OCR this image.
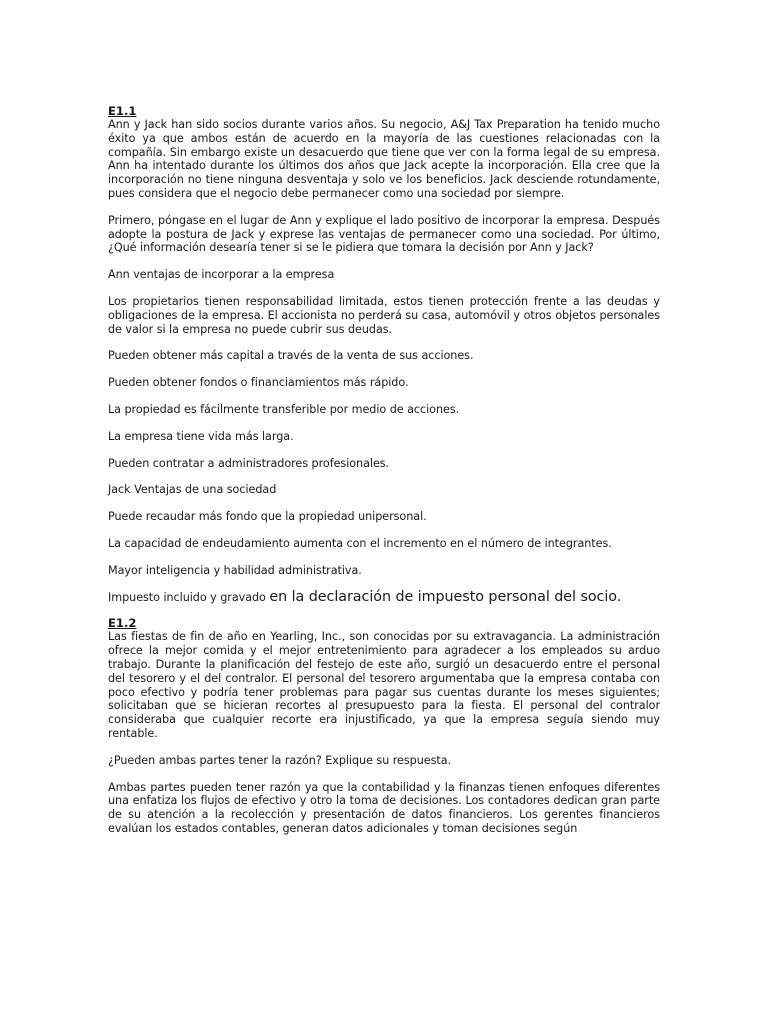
E1.1

Ann y Jack han sido socios durante varios años. Su negocio, A&J Tax Preparation ha tenido mucho éxito ya que ambos están de acuerdo en la mayoría de las cuestiones relacionadas con la compañía. Sin embargo existe un desacuerdo que tiene que ver con la forma legal de su empresa. Ann ha intentado durante los últimos dos años que Jack acepte la incorporación. Ella cree que la incorporación no tiene ninguna desventaja y solo ve los beneficios. Jack desciende rotundamente, pues considera que el negocio debe permanecer como una sociedad por siempre.

Primero, póngase en el lugar de Ann y explique el lado positivo de incorporar la empresa. Después adopte la postura de Jack y exprese las ventajas de permanecer como una sociedad. Por último, ¿Qué información desearía tener si se le pidiera que tomara la decisión por Ann y Jack?

Ann ventajas de incorporar a la empresa

Los propietarios tienen responsabilidad limitada, estos tienen protección frente a las deudas y obligaciones de la empresa. El accionista no perderá su casa, automóvil y otros objetos personales de valor si la empresa no puede cubrir sus deudas.

Pueden obtener más capital a través de la venta de sus acciones.

Pueden obtener fondos o financiamientos más rápido.

La propiedad es fácilmente transferible por medio de acciones.

La empresa tiene vida más larga.

Pueden contratar a administradores profesionales.

Jack Ventajas de una sociedad

Puede recaudar más fondo que la propiedad unipersonal.

La capacidad de endeudamiento aumenta con el incremento en el número de integrantes.

Mayor inteligencia y habilidad administrativa.

Impuesto incluido y gravado en la declaración de impuesto personal del socio.

E1.2

Las fiestas de fin de año en Yearling, Inc., son conocidas por su extravagancia. La administración ofrece la mejor comida y el mejor entretenimiento para agradecer a los empleados su arduo trabajo. Durante la planificación del festejo de este año, surgió un desacuerdo entre el personal del tesorero y el del contralor. El personal del tesorero argumentaba que la empresa contaba con poco efectivo y podría tener problemas para pagar sus cuentas durante los meses siguientes; solicitaban que se hicieran recortes al presupuesto para la fiesta. El personal del contralor consideraba que cualquier recorte era injustificado, ya que la empresa seguía siendo muy rentable.

¿Pueden ambas partes tener la razón? Explique su respuesta.

Ambas partes pueden tener razón ya que la contabilidad y la finanzas tienen enfoques diferentes una enfatiza los flujos de efectivo y otro la toma de decisiones. Los contadores dedican gran parte de su atención a la recolección y presentación de datos financieros. Los gerentes financieros evalúan los estados contables, generan datos adicionales y toman decisiones según
